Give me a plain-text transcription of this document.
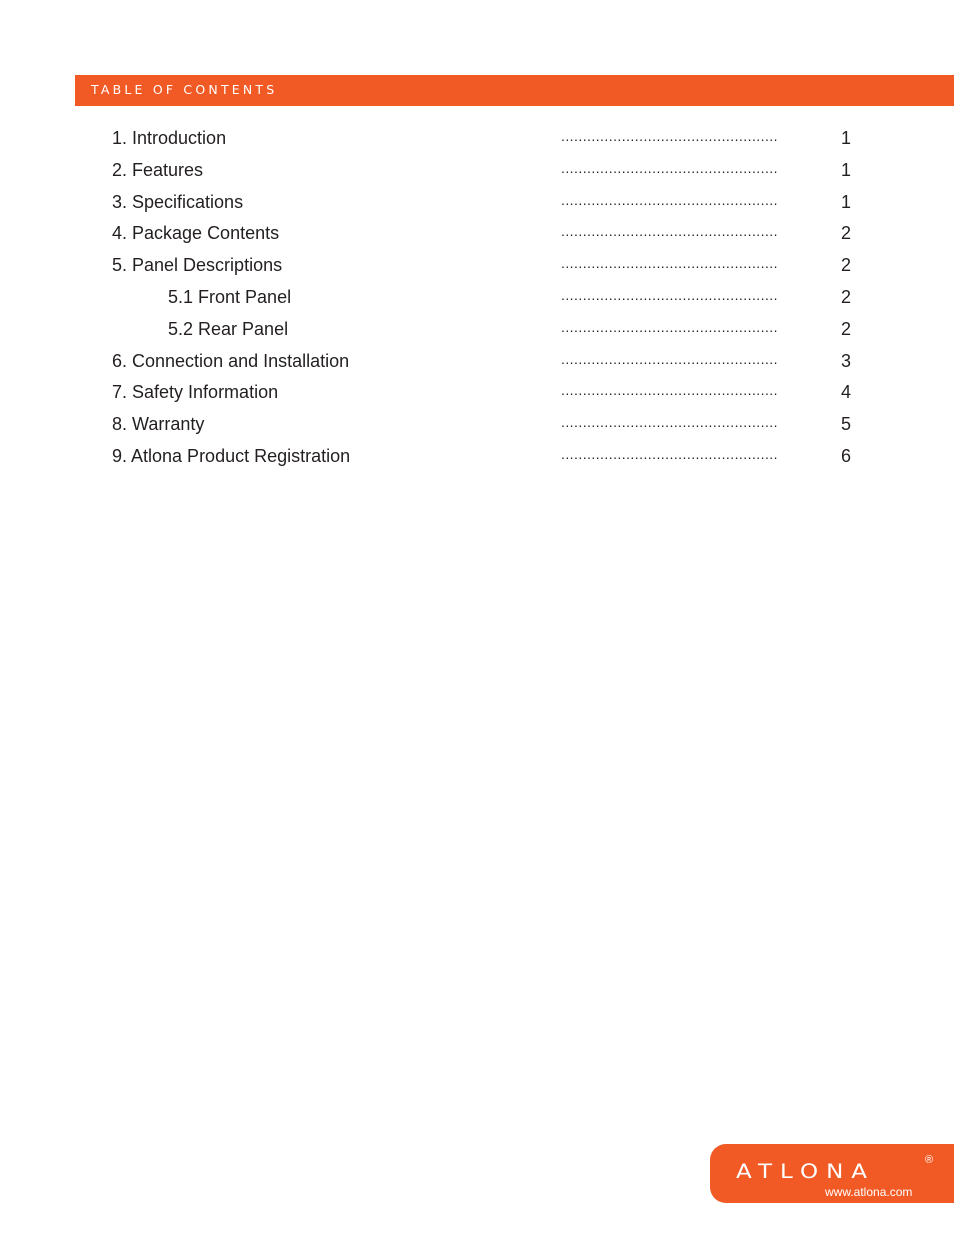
TABLE OF CONTENTS
1. Introduction	..................................................	1
2. Features	..................................................	1
3. Specifications	..................................................	1
4. Package Contents	..................................................	2
5. Panel Descriptions	..................................................	2
5.1 Front Panel	..................................................	2
5.2 Rear Panel	..................................................	2
6. Connection and Installation	..................................................	3
7. Safety Information	..................................................	4
8. Warranty	..................................................	5
9. Atlona Product Registration	..................................................	6
ATLONA
®
www.atlona.com
